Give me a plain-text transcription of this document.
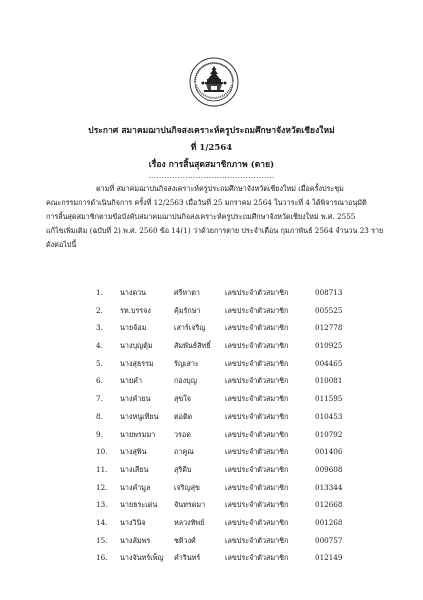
ประกาศ สมาคมฌาปนกิจสงเคราะห์ครูประถมศึกษาจังหวัดเชียงใหม่
ที่ 1/2564
เรื่อง การสิ้นสุดสมาชิกภาพ (ตาย)
................................................
ตามที่ สมาคมฌาปนกิจสงเคราะห์ครูประถมศึกษาจังหวัดเชียงใหม่ เมื่อครั้งประชุม
คณะกรรมการดำเนินกิจการ ครั้งที่ 12/2563 เมื่อวันที่ 25 มกราคม 2564 ในวาระที่ 4 ได้พิจารณาอนุมัติ
การสิ้นสุดสมาชิกตามข้อบังคับสมาคมฌาปนกิจสงเคราะห์ครูประถมศึกษาจังหวัดเชียงใหม่ พ.ศ. 2555
แก้ไขเพิ่มเติม (ฉบับที่ 2) พ.ศ. 2560 ข้อ 14(1) ว่าด้วยการตาย ประจำเดือน กุมภาพันธ์ 2564 จำนวน 23 ราย
ดังต่อไปนี้
1.	นางดวน	ศรีหาตา	เลขประจำตัวสมาชิก	008713
2.	รท.บรรจง	คุ้มรักษา	เลขประจำตัวสมาชิก	005525
3.	นายจ้อม	เสาร์เจริญ	เลขประจำตัวสมาชิก	012778
4.	นางบุญตุ้ม	สัมพันธ์สิทธิ์ เลขประจำตัวสมาชิก	010925
5.	นางสุธรรม	รัญเสาะ	เลขประจำตัวสมาชิก	004465
6.	นายคำ	กองบุญ	เลขประจำตัวสมาชิก	010081
7.	นางคำยน	สุขใจ	เลขประจำตัวสมาชิก	011595
8.	นางหนูเทียน ต่อติด	เลขประจำตัวสมาชิก	010453
9.	นายพรมมา	วรอด	เลขประจำตัวสมาชิก	010792
10.	นางสุพิน	ถาคูณ	เลขประจำตัวสมาชิก	001406
11.	นางเสียน	สุริดีบ	เลขประจำตัวสมาชิก	009608
12.	นางคำมูล	เจริญสุข	เลขประจำตัวสมาชิก	013344
13.	นายธระเด่น จันทรดมา	เลขประจำตัวสมาชิก	012668
14.	นางวินิจ	หลวงทิพย์	เลขประจำตัวสมาชิก	001268
15.	นางลัมพร	ชติวงศ์	เลขประจำตัวสมาชิก	000757
16.	นางจันทร์เพ็ญ คำรินทร์	เลขประจำตัวสมาชิก	012149
